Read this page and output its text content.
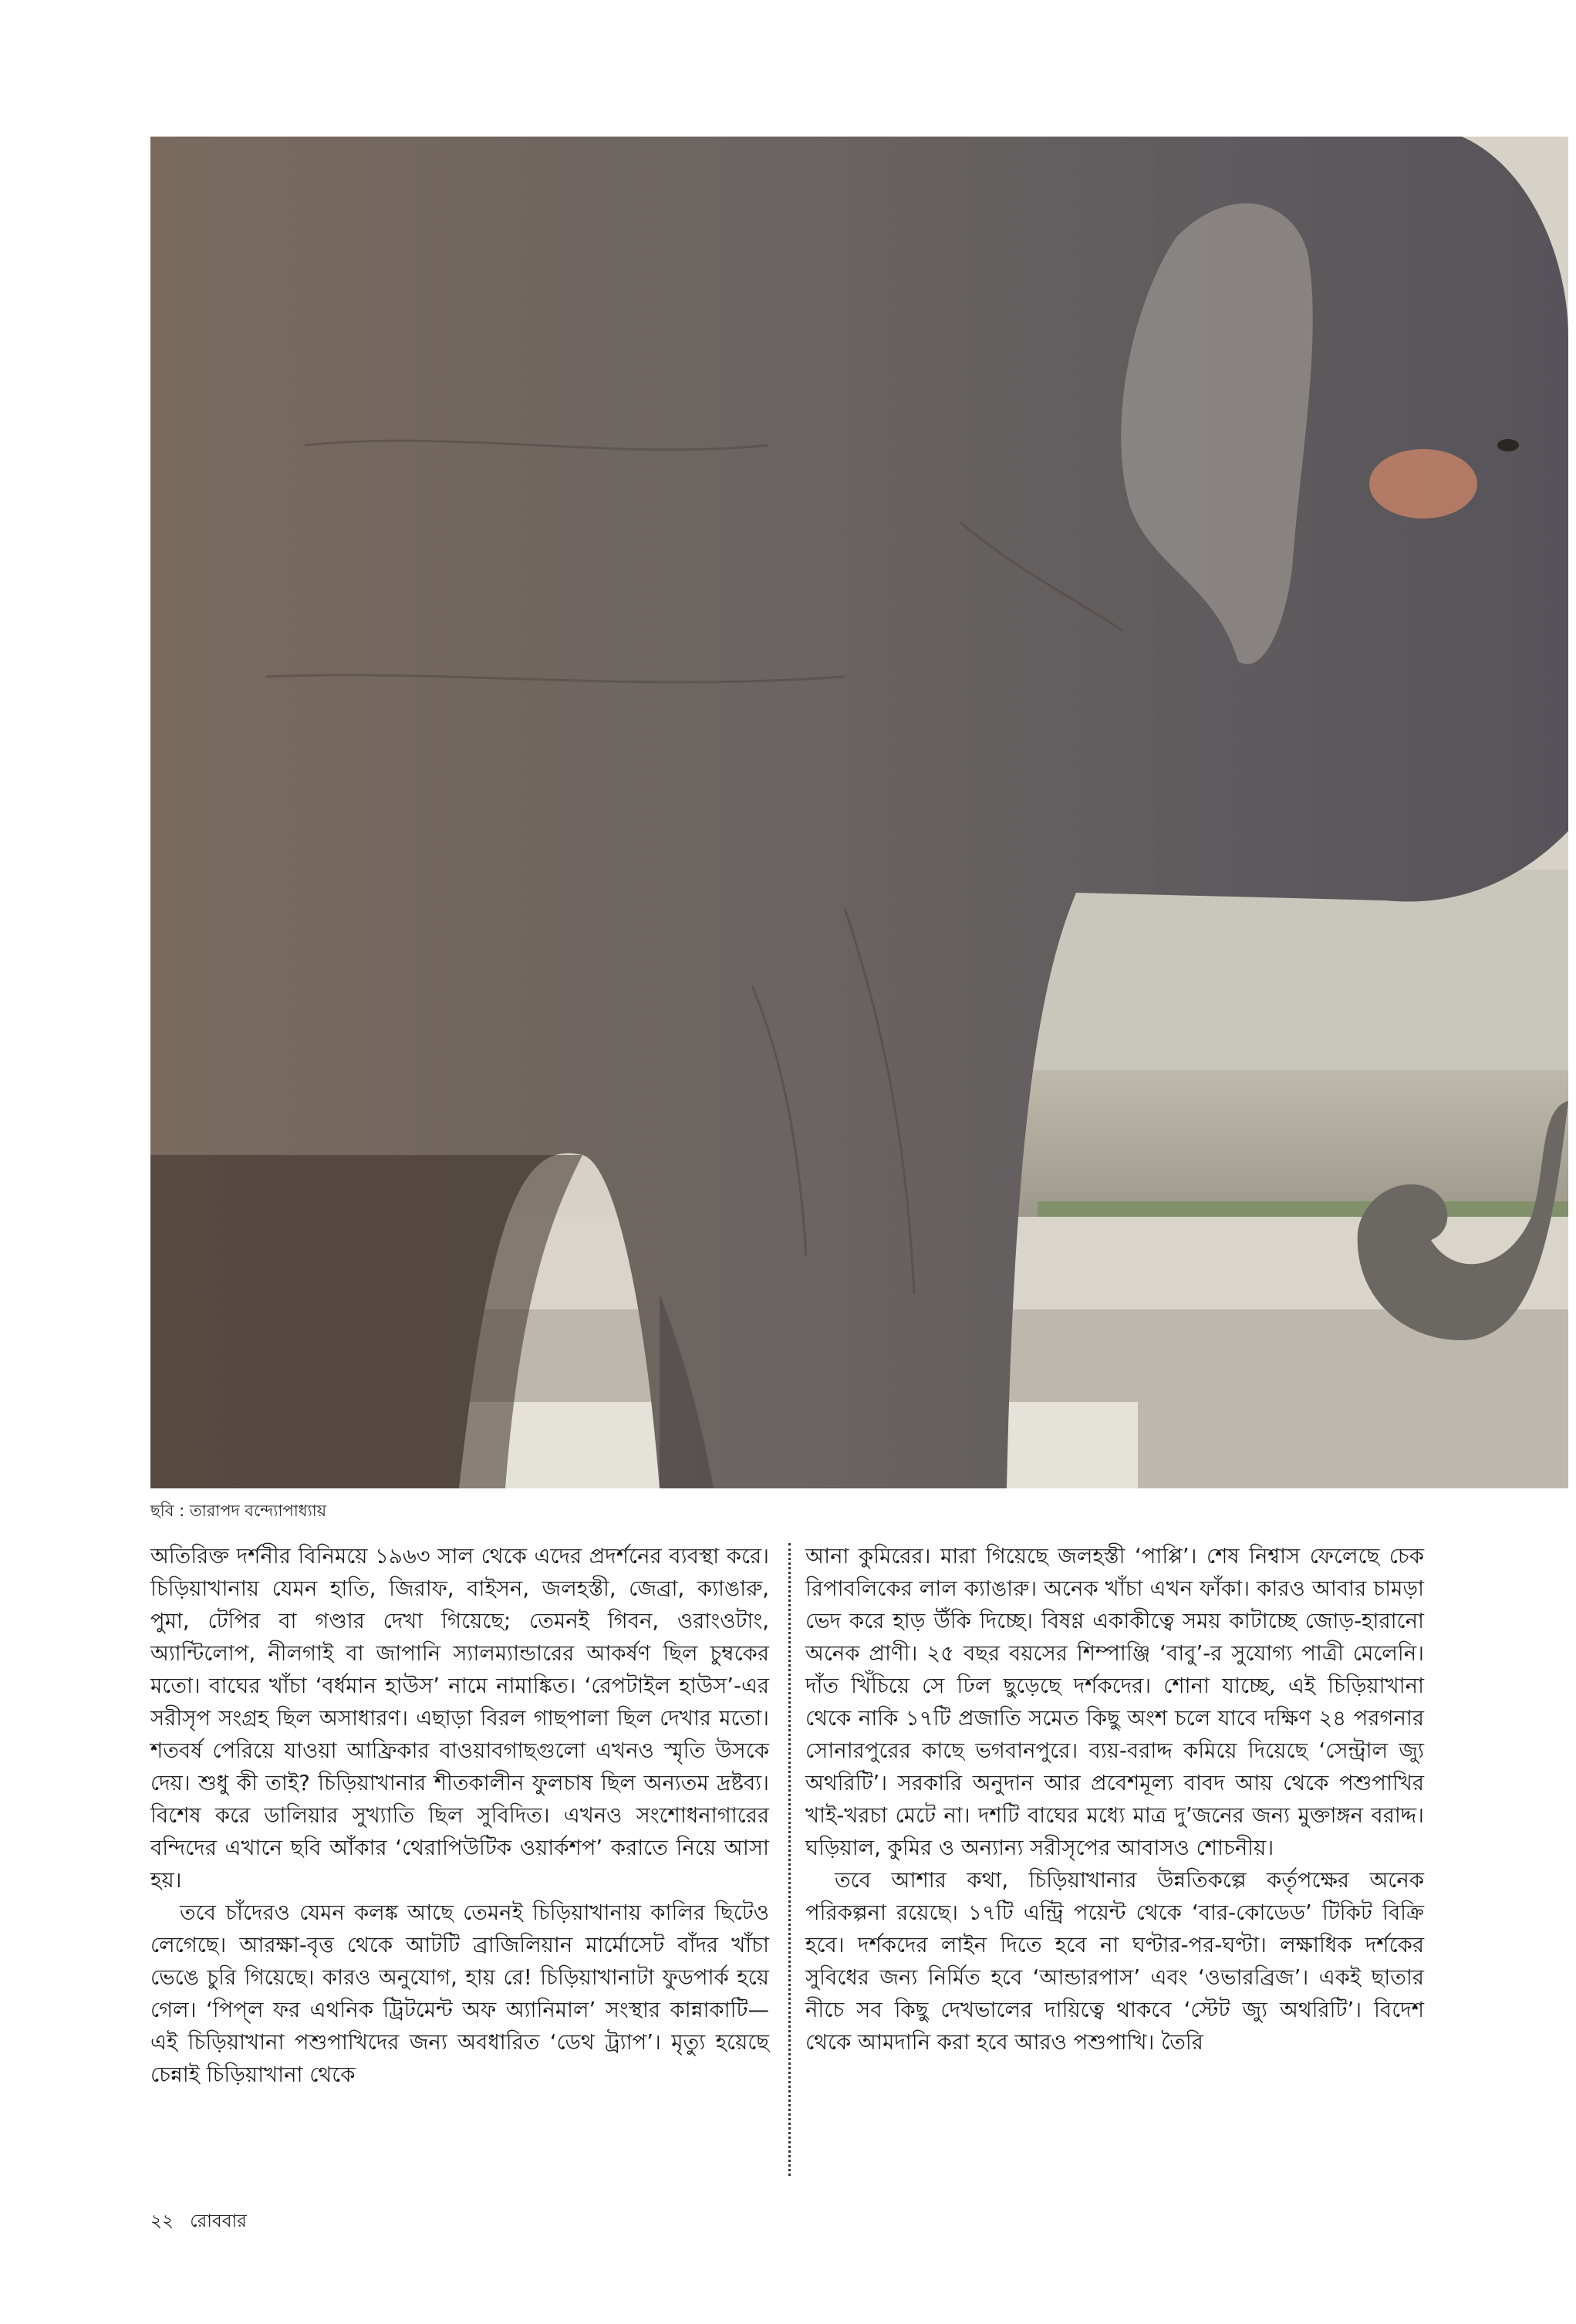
ছবি : তারাপদ বন্দ্যোপাধ্যায়

অতিরিক্ত দর্শনীর বিনিময়ে ১৯৬৩ সাল থেকে এদের প্রদর্শনের ব্যবস্থা করে। চিড়িয়াখানায় যেমন হাতি, জিরাফ, বাইসন, জলহস্তী, জেব্রা, ক্যাঙারু, পুমা, টেপির বা গণ্ডার দেখা গিয়েছে; তেমনই গিবন, ওরাংওটাং, অ্যান্টিলোপ, নীলগাই বা জাপানি স্যালম্যান্ডারের আকর্ষণ ছিল চুম্বকের মতো। বাঘের খাঁচা ‘বর্ধমান হাউস’ নামে নামাঙ্কিত। ‘রেপটাইল হাউস’-এর সরীসৃপ সংগ্রহ ছিল অসাধারণ। এছাড়া বিরল গাছপালা ছিল দেখার মতো। শতবর্ষ পেরিয়ে যাওয়া আফ্রিকার বাওয়াবগাছগুলো এখনও স্মৃতি উসকে দেয়। শুধু কী তাই? চিড়িয়াখানার শীতকালীন ফুলচাষ ছিল অন্যতম দ্রষ্টব্য। বিশেষ করে ডালিয়ার সুখ্যাতি ছিল সুবিদিত। এখনও সংশোধনাগারের বন্দিদের এখানে ছবি আঁকার ‘থেরাপিউটিক ওয়ার্কশপ’ করাতে নিয়ে আসা হয়।

তবে চাঁদেরও যেমন কলঙ্ক আছে তেমনই চিড়িয়াখানায় কালির ছিটেও লেগেছে। আরক্ষা-বৃত্ত থেকে আটটি ব্রাজিলিয়ান মার্মোসেট বাঁদর খাঁচা ভেঙে চুরি গিয়েছে। কারও অনুযোগ, হায় রে! চিড়িয়াখানাটা ফুডপার্ক হয়ে গেল। ‘পিপ্‌ল ফর এথনিক ট্রিটমেন্ট অফ অ্যানিমাল’ সংস্থার কান্নাকাটি—এই চিড়িয়াখানা পশুপাখিদের জন্য অবধারিত ‘ডেথ ট্র্যাপ’। মৃত্যু হয়েছে চেন্নাই চিড়িয়াখানা থেকে

আনা কুমিরের। মারা গিয়েছে জলহস্তী ‘পাপ্পি’। শেষ নিশ্বাস ফেলেছে চেক রিপাবলিকের লাল ক্যাঙারু। অনেক খাঁচা এখন ফাঁকা। কারও আবার চামড়া ভেদ করে হাড় উঁকি দিচ্ছে। বিষণ্ণ একাকীত্বে সময় কাটাচ্ছে জোড়-হারানো অনেক প্রাণী। ২৫ বছর বয়সের শিম্পাঞ্জি ‘বাবু’-র সুযোগ্য পাত্রী মেলেনি। দাঁত খিঁচিয়ে সে ঢিল ছুড়েছে দর্শকদের। শোনা যাচ্ছে, এই চিড়িয়াখানা থেকে নাকি ১৭টি প্রজাতি সমেত কিছু অংশ চলে যাবে দক্ষিণ ২৪ পরগনার সোনারপুরের কাছে ভগবানপুরে। ব্যয়-বরাদ্দ কমিয়ে দিয়েছে ‘সেন্ট্রাল জ্যু অথরিটি’। সরকারি অনুদান আর প্রবেশমূল্য বাবদ আয় থেকে পশুপাখির খাই-খরচা মেটে না। দশটি বাঘের মধ্যে মাত্র দু’জনের জন্য মুক্তাঙ্গন বরাদ্দ। ঘড়িয়াল, কুমির ও অন্যান্য সরীসৃপের আবাসও শোচনীয়।

তবে আশার কথা, চিড়িয়াখানার উন্নতিকল্পে কর্তৃপক্ষের অনেক পরিকল্পনা রয়েছে। ১৭টি এন্ট্রি পয়েন্ট থেকে ‘বার-কোডেড’ টিকিট বিক্রি হবে। দর্শকদের লাইন দিতে হবে না ঘণ্টার-পর-ঘণ্টা। লক্ষাধিক দর্শকের সুবিধের জন্য নির্মিত হবে ‘আন্ডারপাস’ এবং ‘ওভারব্রিজ’। একই ছাতার নীচে সব কিছু দেখভালের দায়িত্বে থাকবে ‘স্টেট জ্যু অথরিটি’। বিদেশ থেকে আমদানি করা হবে আরও পশুপাখি। তৈরি

২২ রোববার
